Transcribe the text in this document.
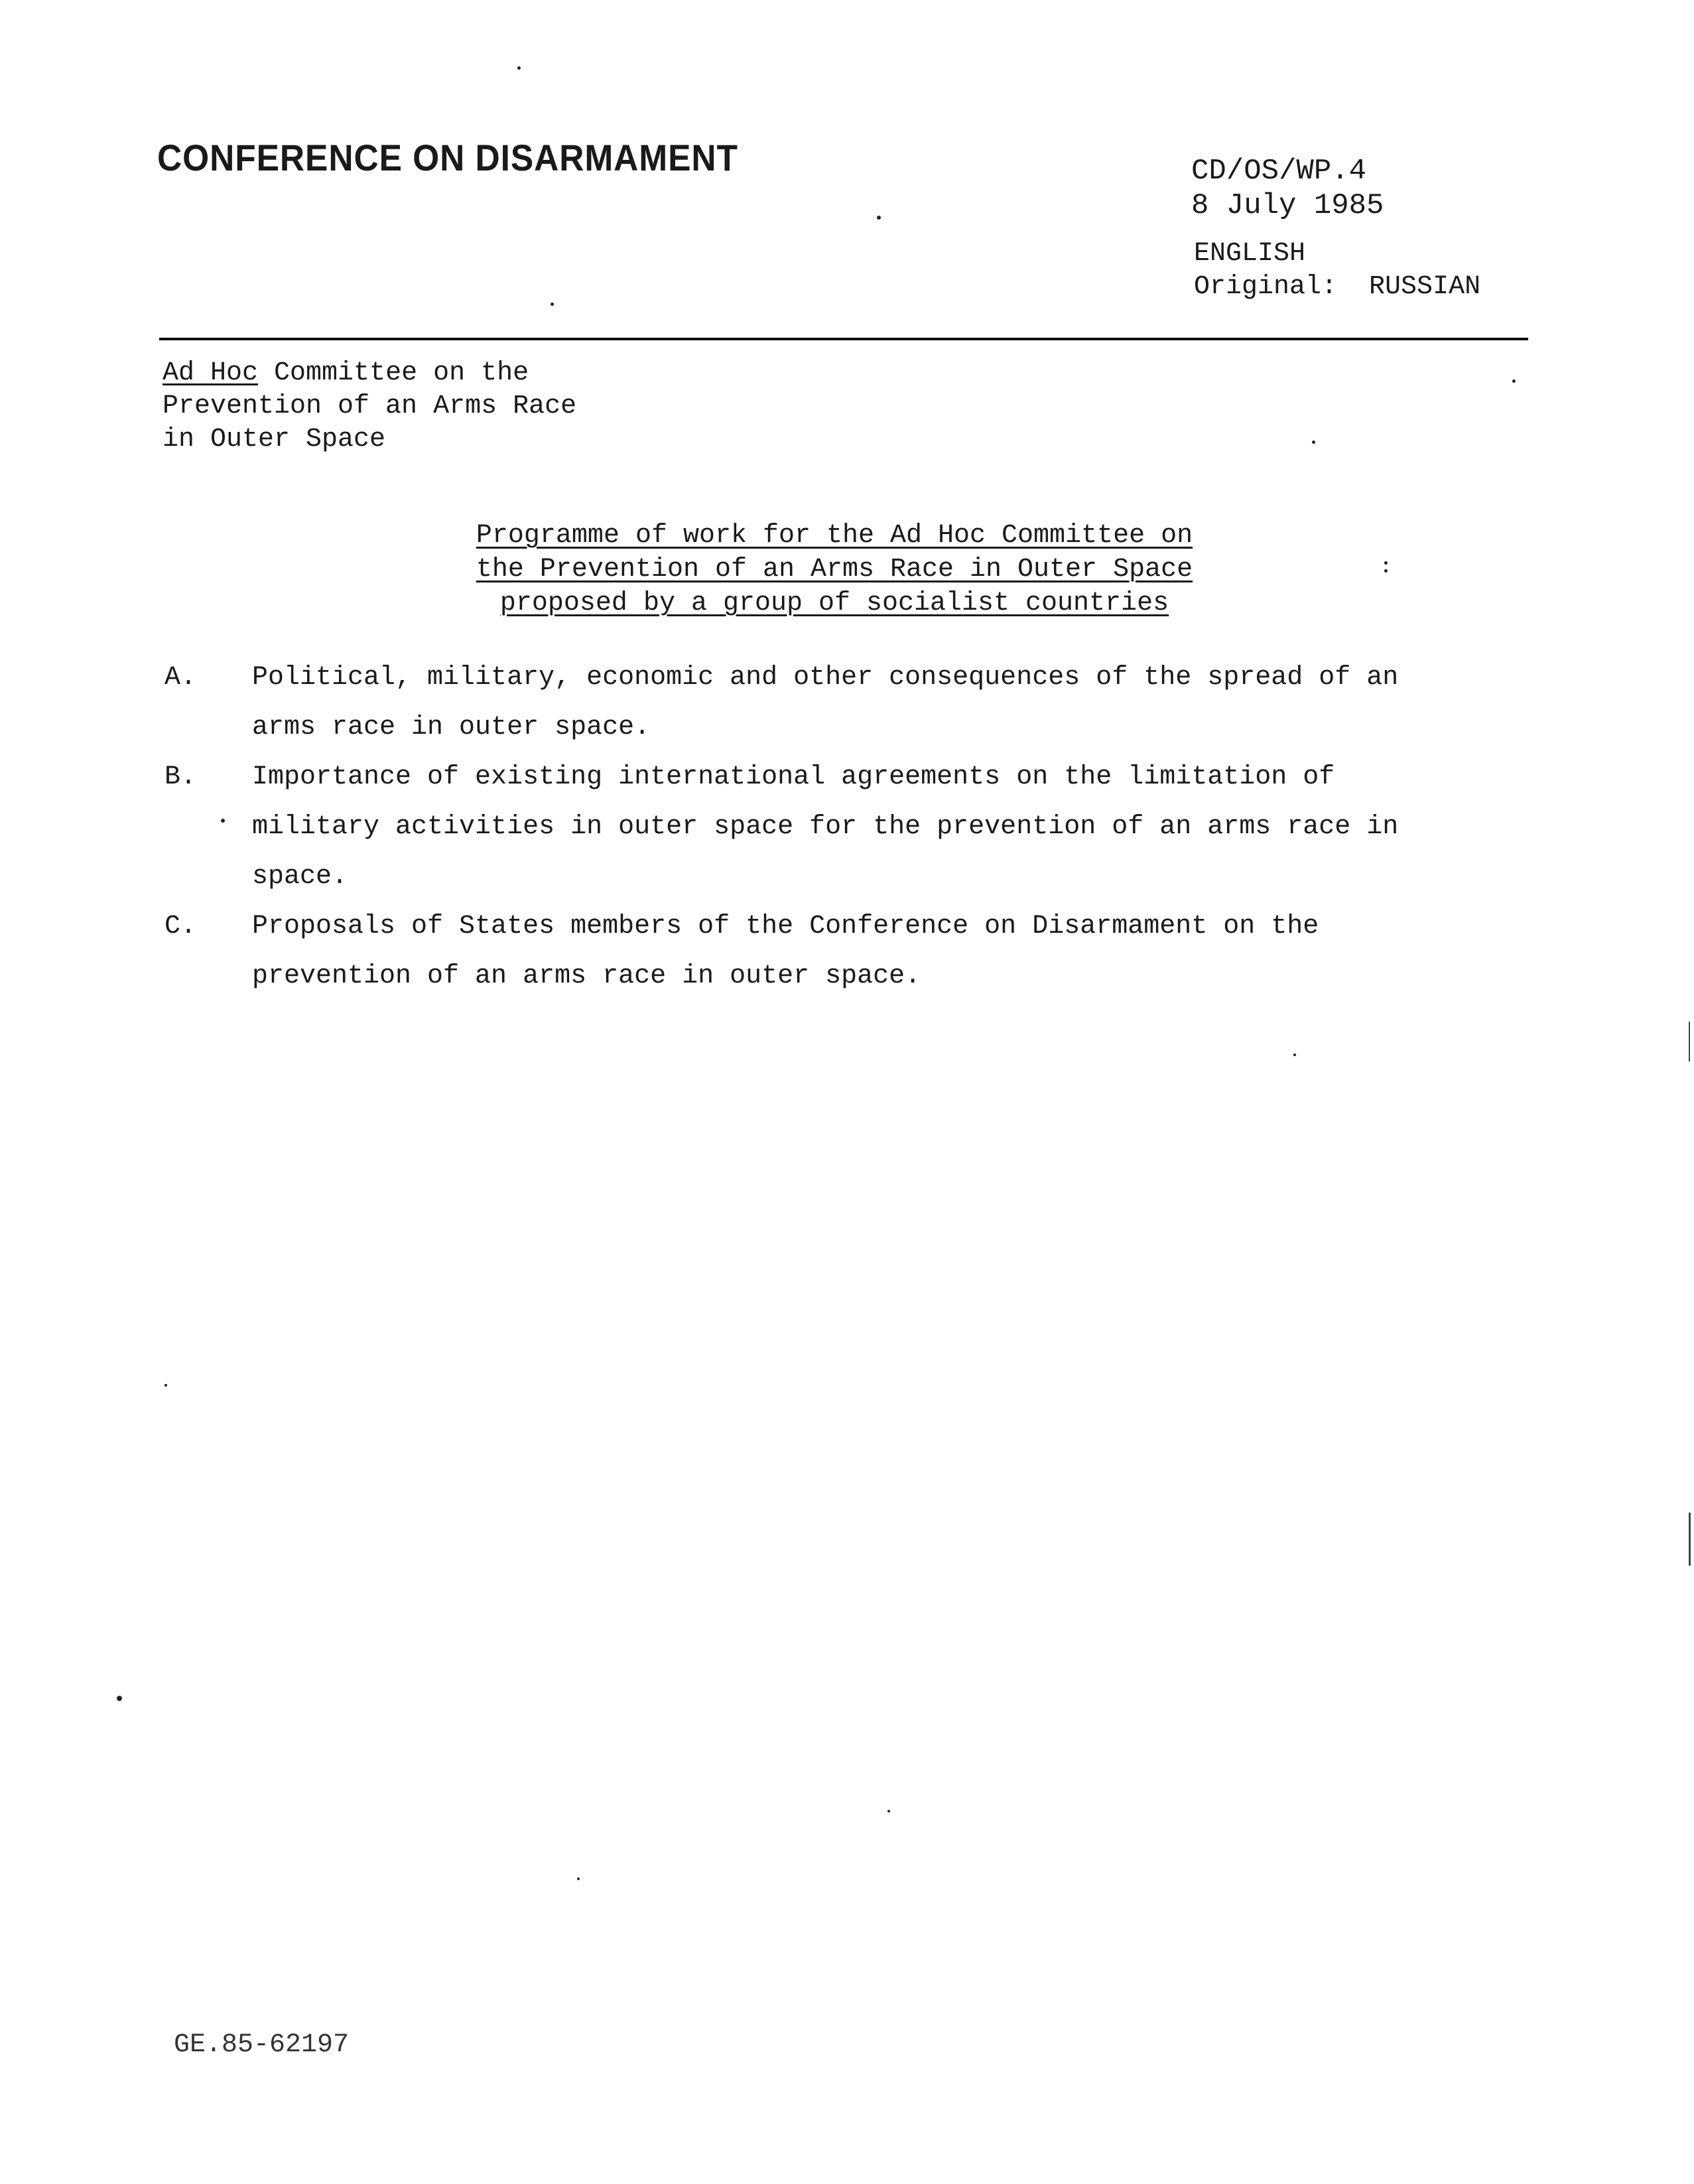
CONFERENCE ON DISARMAMENT	CD/OS/WP.4
8 July 1985
ENGLISH
Original: RUSSIAN
Ad Hoc Committee on the
Prevention of an Arms Race
in Outer Space
Programme of work for the Ad Hoc Committee on
the Prevention of an Arms Race in Outer Space
proposed by a group of socialist countries
A.	Political, military, economic and other consequences of the spread of an
arms race in outer space.
B.	Importance of existing international agreements on the limitation of
military activities in outer space for the prevention of an arms race in
space.
C.	Proposals of States members of the Conference on Disarmament on the
prevention of an arms race in outer space.
GE.85-62197
